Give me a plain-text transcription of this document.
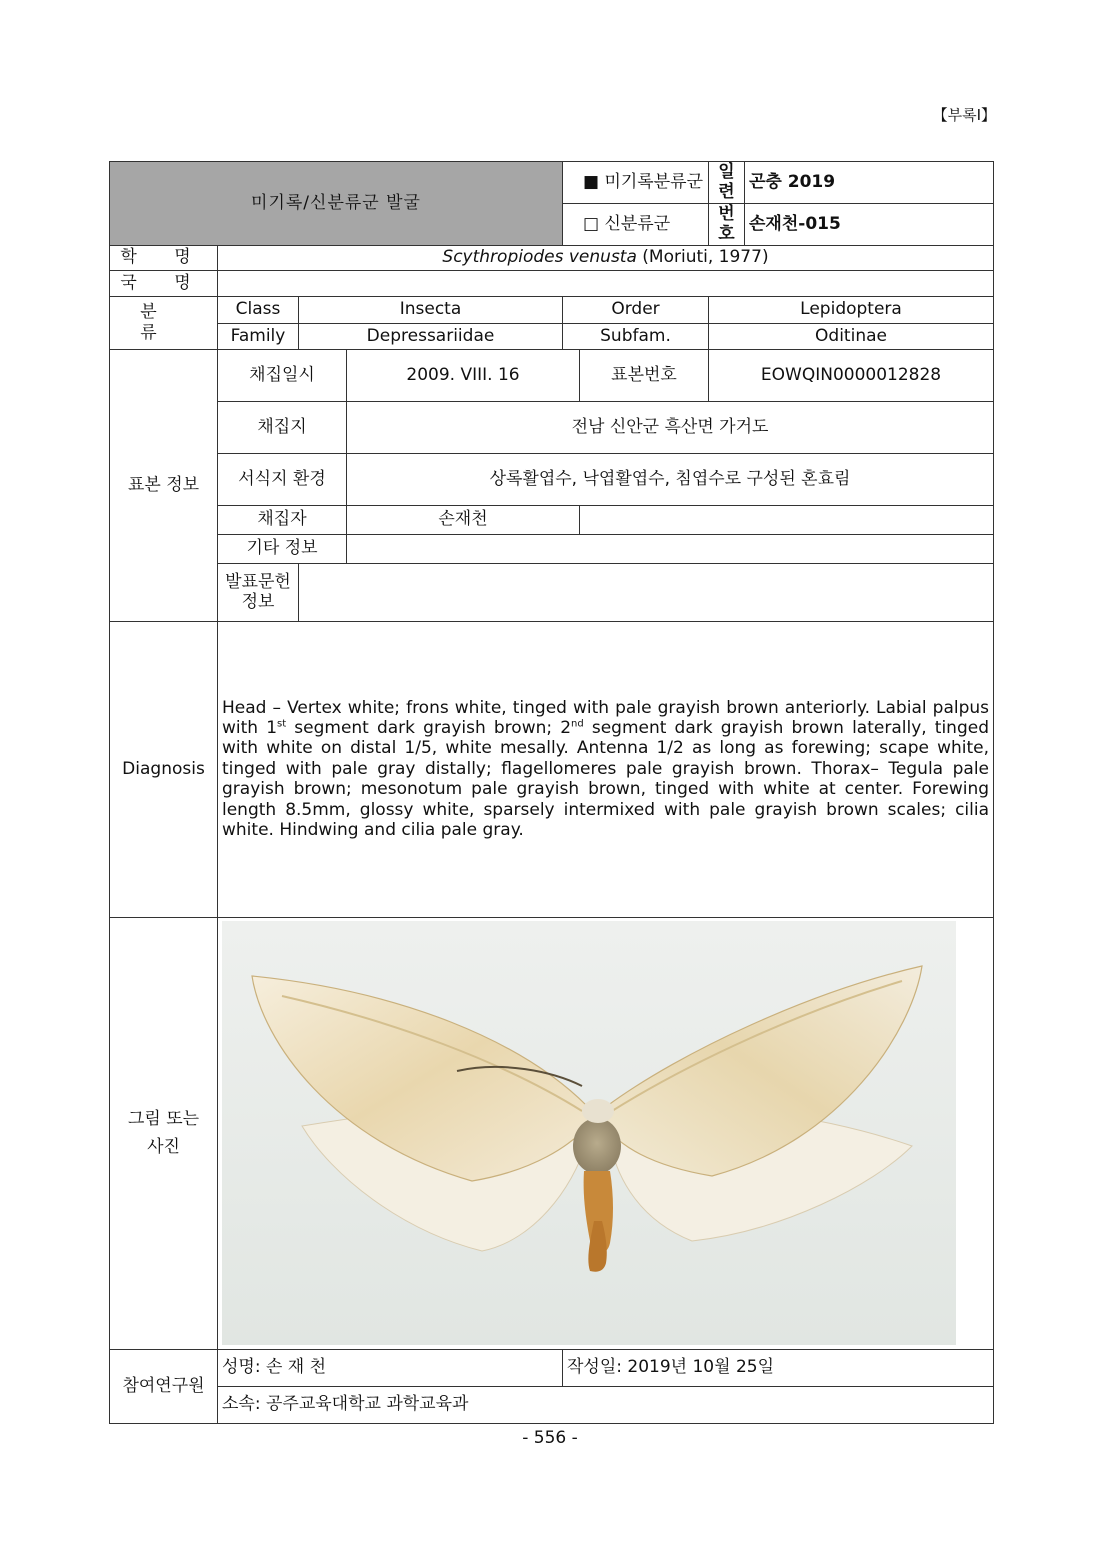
【부록Ⅰ】
미기록/신분류군 발굴				■ 미기록분류군		일련	곤충 2019
				□ 신분류군		번호	손재천-015
학 명	Scythropiodes venusta (Moriuti, 1977)						
국 명							
분 류	Class	Insecta		Order		Lepidoptera	
	Family	Depressariidae		Subfam.		Oditinae	
표본 정보	채집일시		2009. VIII. 16		표본번호	EOWQIN0000012828	
	채집지		전남 신안군 흑산면 가거도				
	서식지 환경		상록활엽수, 낙엽활엽수, 침엽수로 구성된 혼효림				
	채집자		손재천				
	기타 정보						
	발표문헌
정보						
Diagnosis	Head – Vertex white; frons white, tinged with pale grayish brown anteriorly. Labial palpus with 1st segment dark grayish brown; 2nd segment dark grayish brown laterally, tinged with white on distal 1/5, white mesally. Antenna 1/2 as long as forewing; scape white, tinged with pale gray distally; flagellomeres pale grayish brown. Thorax– Tegula pale grayish brown; mesonotum pale grayish brown, tinged with white at center. Forewing length 8.5mm, glossy white, sparsely intermixed with pale grayish brown scales; cilia white. Hindwing and cilia pale gray.						
그림 또는
사진	

참여연구원	성명: 손 재 천			작성일: 2019년 10월 25일			
	소속: 공주교육대학교 과학교육과						
- 556 -
